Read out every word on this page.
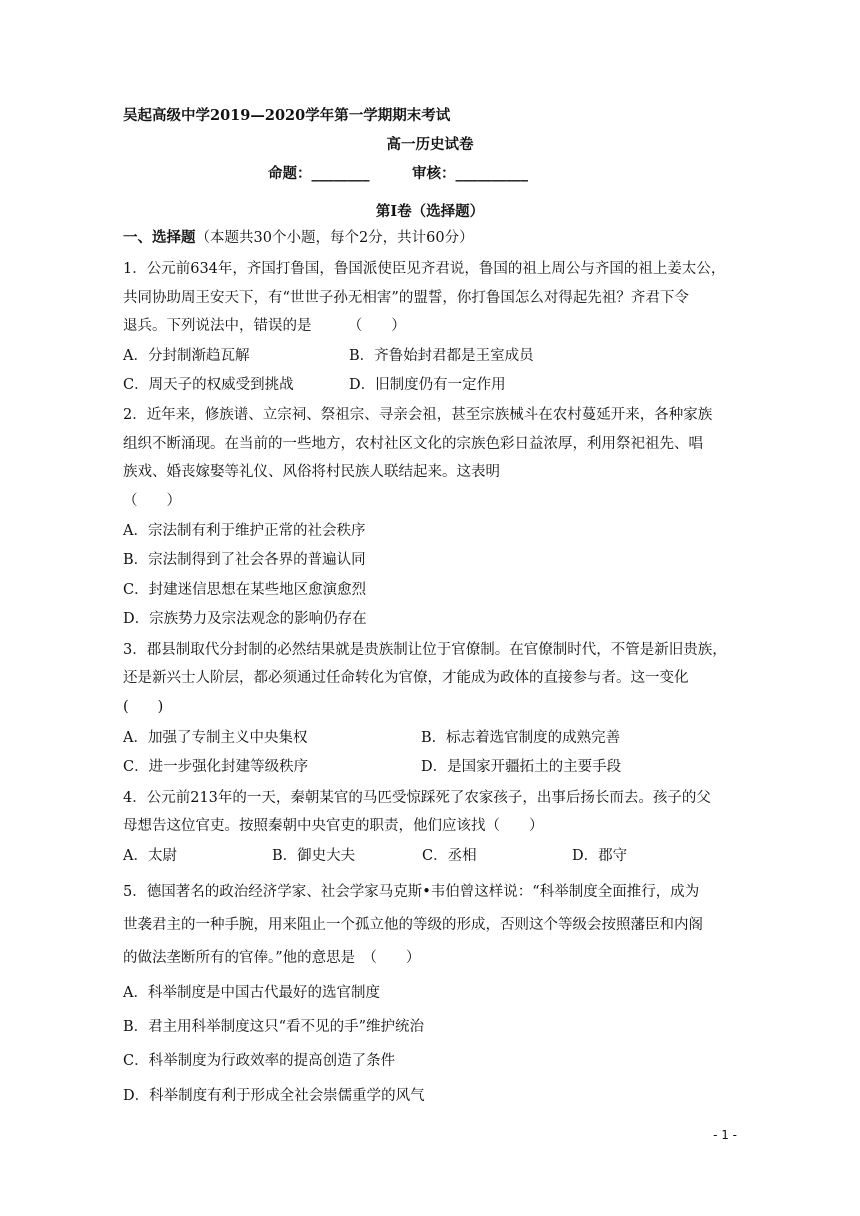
吴起高级中学2019—2020学年第一学期期末考试
高一历史试卷
命题：________	审核：__________
第Ⅰ卷（选择题）
一、选择题（本题共30个小题，每个2分，共计60分）
1．公元前634年，齐国打鲁国，鲁国派使臣见齐君说，鲁国的祖上周公与齐国的祖上姜太公，
共同协助周王安天下，有“世世子孙无相害”的盟誓，你打鲁国怎么对得起先祖？齐君下令
退兵。下列说法中，错误的是　　　（　　）
A．分封制渐趋瓦解	B．齐鲁始封君都是王室成员
C．周天子的权威受到挑战	D．旧制度仍有一定作用
2．近年来，修族谱、立宗祠、祭祖宗、寻亲会祖，甚至宗族械斗在农村蔓延开来，各种家族
组织不断涌现。在当前的一些地方，农村社区文化的宗族色彩日益浓厚，利用祭祀祖先、唱
族戏、婚丧嫁娶等礼仪、风俗将村民族人联结起来。这表明
（　　）
A．宗法制有利于维护正常的社会秩序
B．宗法制得到了社会各界的普遍认同
C．封建迷信思想在某些地区愈演愈烈
D．宗族势力及宗法观念的影响仍存在
3．郡县制取代分封制的必然结果就是贵族制让位于官僚制。在官僚制时代，不管是新旧贵族，
还是新兴士人阶层，都必须通过任命转化为官僚，才能成为政体的直接参与者。这一变化
(　　)
A．加强了专制主义中央集权	B．标志着选官制度的成熟完善
C．进一步强化封建等级秩序	D．是国家开疆拓土的主要手段
4．公元前213年的一天，秦朝某官的马匹受惊踩死了农家孩子，出事后扬长而去。孩子的父
母想告这位官吏。按照秦朝中央官吏的职责，他们应该找（　　）
A．太尉	B．御史大夫	C．丞相	D．郡守
5．德国著名的政治经济学家、社会学家马克斯•韦伯曾这样说：“科举制度全面推行，成为
世袭君主的一种手腕，用来阻止一个孤立他的等级的形成，否则这个等级会按照藩臣和内阁
的做法垄断所有的官俸。”他的意思是　（　　）
A．科举制度是中国古代最好的选官制度
B．君主用科举制度这只“看不见的手”维护统治
C．科举制度为行政效率的提高创造了条件
D．科举制度有利于形成全社会崇儒重学的风气
- 1 -
